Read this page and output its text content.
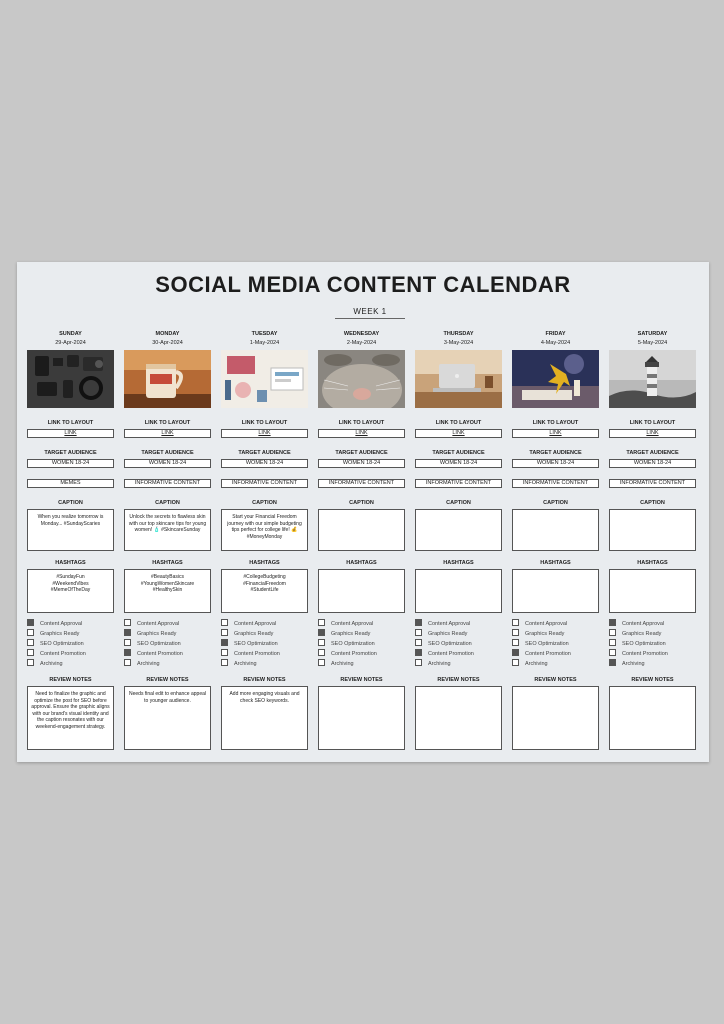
SOCIAL MEDIA CONTENT CALENDAR
WEEK 1
SUNDAY
29-Apr-2024
LINK TO LAYOUT
LINK
TARGET AUDIENCE
WOMEN 18-24
MEMES
CAPTION
When you realize tomorrow is Monday... #SundayScaries
HASHTAGS
#SundayFun
#WeekendVibes
#MemeOfTheDay
Content Approval
Graphics Ready
SEO Optimization
Content Promotion
Archiving
REVIEW NOTES
Need to finalize the graphic and optimize the post for SEO before approval. Ensure the graphic aligns with our brand's visual identity and the caption resonates with our weekend-engagement strategy.
MONDAY
30-Apr-2024
LINK TO LAYOUT
LINK
TARGET AUDIENCE
WOMEN 18-24
INFORMATIVE CONTENT
CAPTION
Unlock the secrets to flawless skin with our top skincare tips for young women! 🧴 #SkincareSunday
HASHTAGS
#BeautyBasics
#YoungWomenSkincare
#HealthySkin
Content Approval
Graphics Ready
SEO Optimization
Content Promotion
Archiving
REVIEW NOTES
Needs final edit to enhance appeal to younger audience.
TUESDAY
1-May-2024
LINK TO LAYOUT
LINK
TARGET AUDIENCE
WOMEN 18-24
INFORMATIVE CONTENT
CAPTION
Start your Financial Freedom journey with our simple budgeting tips perfect for college life! 💰 #MoneyMonday
HASHTAGS
#CollegeBudgeting
#FinancialFreedom
#StudentLife
Content Approval
Graphics Ready
SEO Optimization
Content Promotion
Archiving
REVIEW NOTES
Add more engaging visuals and check SEO keywords.
WEDNESDAY
2-May-2024
LINK TO LAYOUT
LINK
TARGET AUDIENCE
WOMEN 18-24
INFORMATIVE CONTENT
CAPTION
HASHTAGS
Content Approval
Graphics Ready
SEO Optimization
Content Promotion
Archiving
REVIEW NOTES
THURSDAY
3-May-2024
LINK TO LAYOUT
LINK
TARGET AUDIENCE
WOMEN 18-24
INFORMATIVE CONTENT
CAPTION
HASHTAGS
Content Approval
Graphics Ready
SEO Optimization
Content Promotion
Archiving
REVIEW NOTES
FRIDAY
4-May-2024
LINK TO LAYOUT
LINK
TARGET AUDIENCE
WOMEN 18-24
INFORMATIVE CONTENT
CAPTION
HASHTAGS
Content Approval
Graphics Ready
SEO Optimization
Content Promotion
Archiving
REVIEW NOTES
SATURDAY
5-May-2024
LINK TO LAYOUT
LINK
TARGET AUDIENCE
WOMEN 18-24
INFORMATIVE CONTENT
CAPTION
HASHTAGS
Content Approval
Graphics Ready
SEO Optimization
Content Promotion
Archiving
REVIEW NOTES
